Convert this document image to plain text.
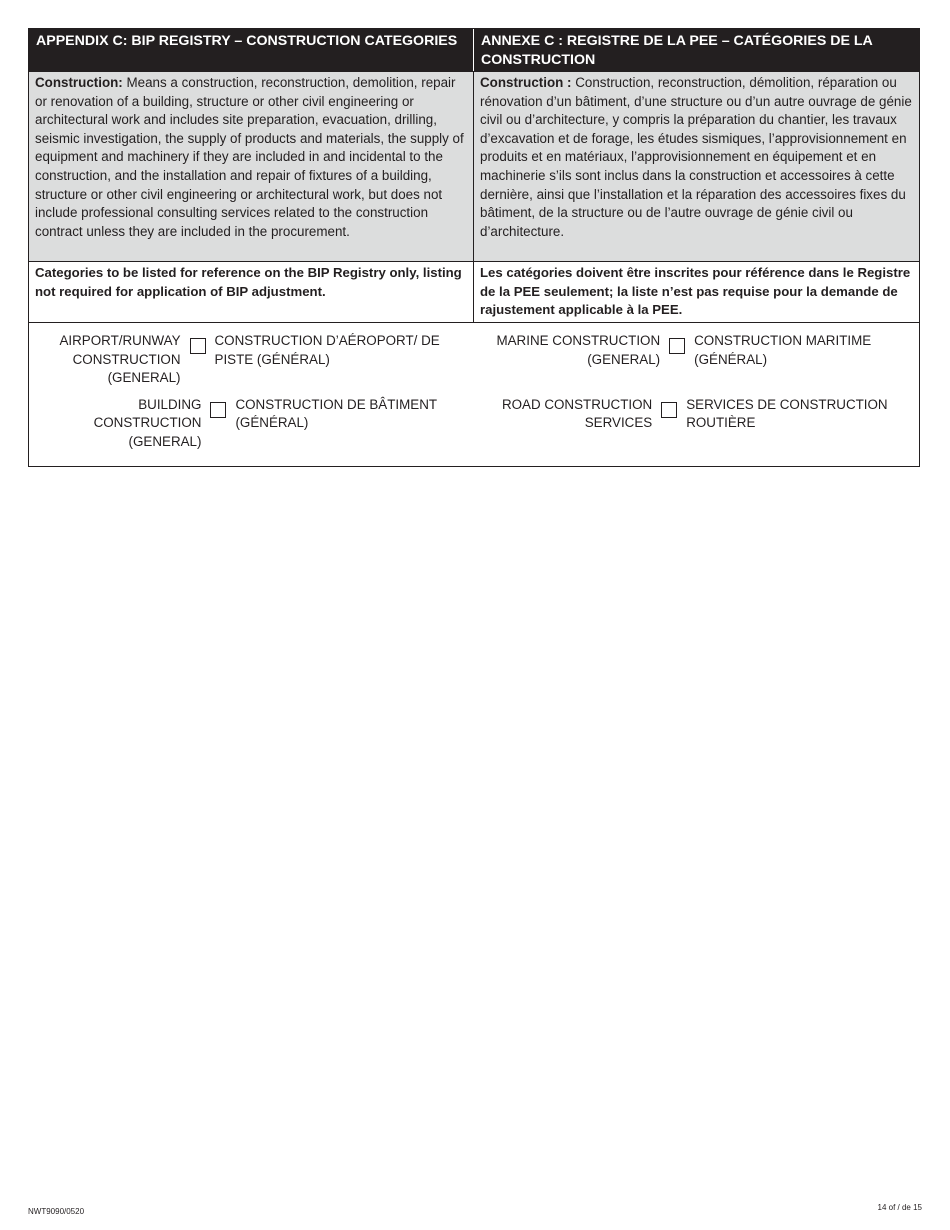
APPENDIX C: BIP REGISTRY – CONSTRUCTION CATEGORIES	ANNEXE C : REGISTRE DE LA PEE – CATÉGORIES DE LA CONSTRUCTION
Construction: Means a construction, reconstruction, demolition, repair or renovation of a building, structure or other civil engineering or architectural work and includes site preparation, evacuation, drilling, seismic investigation, the supply of products and materials, the supply of equipment and machinery if they are included in and incidental to the construction, and the installation and repair of fixtures of a building, structure or other civil engineering or architectural work, but does not include professional consulting services related to the construction contract unless they are included in the procurement.
Construction : Construction, reconstruction, démolition, réparation ou rénovation d’un bâtiment, d’une structure ou d’un autre ouvrage de génie civil ou d’architecture, y compris la préparation du chantier, les travaux d’excavation et de forage, les études sismiques, l’approvisionnement en produits et en matériaux, l’approvisionnement en équipement et en machinerie s’ils sont inclus dans la construction et accessoires à cette dernière, ainsi que l’installation et la réparation des accessoires fixes du bâtiment, de la structure ou de l’autre ouvrage de génie civil ou d’architecture.
Categories to be listed for reference on the BIP Registry only, listing not required for application of BIP adjustment.
Les catégories doivent être inscrites pour référence dans le Registre de la PEE seulement; la liste n’est pas requise pour la demande de rajustement applicable à la PEE.
AIRPORT/RUNWAY CONSTRUCTION (GENERAL)
CONSTRUCTION D’AÉROPORT/ DE PISTE (GÉNÉRAL)
MARINE CONSTRUCTION (GENERAL)
CONSTRUCTION MARITIME (GÉNÉRAL)
BUILDING CONSTRUCTION (GENERAL)
CONSTRUCTION DE BÂTIMENT (GÉNÉRAL)
ROAD CONSTRUCTION SERVICES
SERVICES DE CONSTRUCTION ROUTIÈRE
NWT9090/0520	14 of / de 15
